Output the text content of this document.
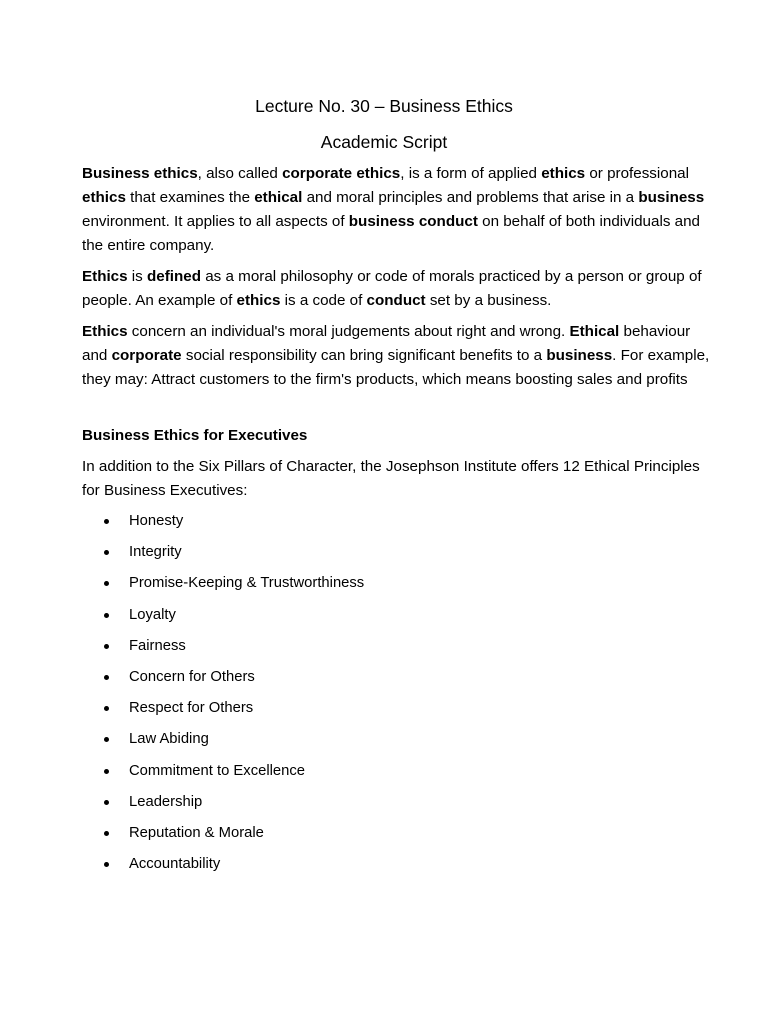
Lecture No. 30 – Business Ethics
Academic Script

Business ethics, also called corporate ethics, is a form of applied ethics or professional ethics that examines the ethical and moral principles and problems that arise in a business environment. It applies to all aspects of business conduct on behalf of both individuals and the entire company.

Ethics is defined as a moral philosophy or code of morals practiced by a person or group of people. An example of ethics is a code of conduct set by a business.

Ethics concern an individual's moral judgements about right and wrong. Ethical behaviour and corporate social responsibility can bring significant benefits to a business. For example, they may: Attract customers to the firm's products, which means boosting sales and profits

Business Ethics for Executives

In addition to the Six Pillars of Character, the Josephson Institute offers 12 Ethical Principles for Business Executives:

Honesty
Integrity
Promise-Keeping & Trustworthiness
Loyalty
Fairness
Concern for Others
Respect for Others
Law Abiding
Commitment to Excellence
Leadership
Reputation & Morale
Accountability
